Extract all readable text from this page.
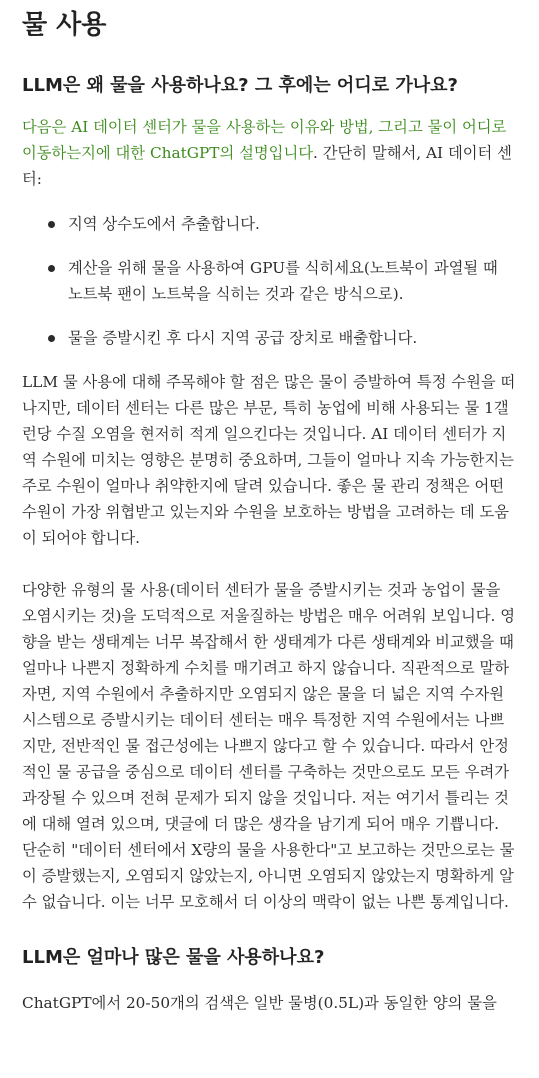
물 사용
LLM은 왜 물을 사용하나요? 그 후에는 어디로 가나요?

다음은 AI 데이터 센터가 물을 사용하는 이유와 방법, 그리고 물이 어디로 이동하는지에 대한 ChatGPT의 설명입니다. 간단히 말해서, AI 데이터 센터:

지역 상수도에서 추출합니다.
계산을 위해 물을 사용하여 GPU를 식히세요(노트북이 과열될 때 노트북 팬이 노트북을 식히는 것과 같은 방식으로).
물을 증발시킨 후 다시 지역 공급 장치로 배출합니다.

LLM 물 사용에 대해 주목해야 할 점은 많은 물이 증발하여 특정 수원을 떠나지만, 데이터 센터는 다른 많은 부문, 특히 농업에 비해 사용되는 물 1갤런당 수질 오염을 현저히 적게 일으킨다는 것입니다. AI 데이터 센터가 지역 수원에 미치는 영향은 분명히 중요하며, 그들이 얼마나 지속 가능한지는 주로 수원이 얼마나 취약한지에 달려 있습니다. 좋은 물 관리 정책은 어떤 수원이 가장 위협받고 있는지와 수원을 보호하는 방법을 고려하는 데 도움이 되어야 합니다.

다양한 유형의 물 사용(데이터 센터가 물을 증발시키는 것과 농업이 물을 오염시키는 것)을 도덕적으로 저울질하는 방법은 매우 어려워 보입니다. 영향을 받는 생태계는 너무 복잡해서 한 생태계가 다른 생태계와 비교했을 때 얼마나 나쁜지 정확하게 수치를 매기려고 하지 않습니다. 직관적으로 말하자면, 지역 수원에서 추출하지만 오염되지 않은 물을 더 넓은 지역 수자원 시스템으로 증발시키는 데이터 센터는 매우 특정한 지역 수원에서는 나쁘지만, 전반적인 물 접근성에는 나쁘지 않다고 할 수 있습니다. 따라서 안정적인 물 공급을 중심으로 데이터 센터를 구축하는 것만으로도 모든 우려가 과장될 수 있으며 전혀 문제가 되지 않을 것입니다. 저는 여기서 틀리는 것에 대해 열려 있으며, 댓글에 더 많은 생각을 남기게 되어 매우 기쁩니다. 단순히 "데이터 센터에서 X량의 물을 사용한다"고 보고하는 것만으로는 물이 증발했는지, 오염되지 않았는지, 아니면 오염되지 않았는지 명확하게 알 수 없습니다. 이는 너무 모호해서 더 이상의 맥락이 없는 나쁜 통계입니다.

LLM은 얼마나 많은 물을 사용하나요?

ChatGPT에서 20-50개의 검색은 일반 물병(0.5L)과 동일한 양의 물을
